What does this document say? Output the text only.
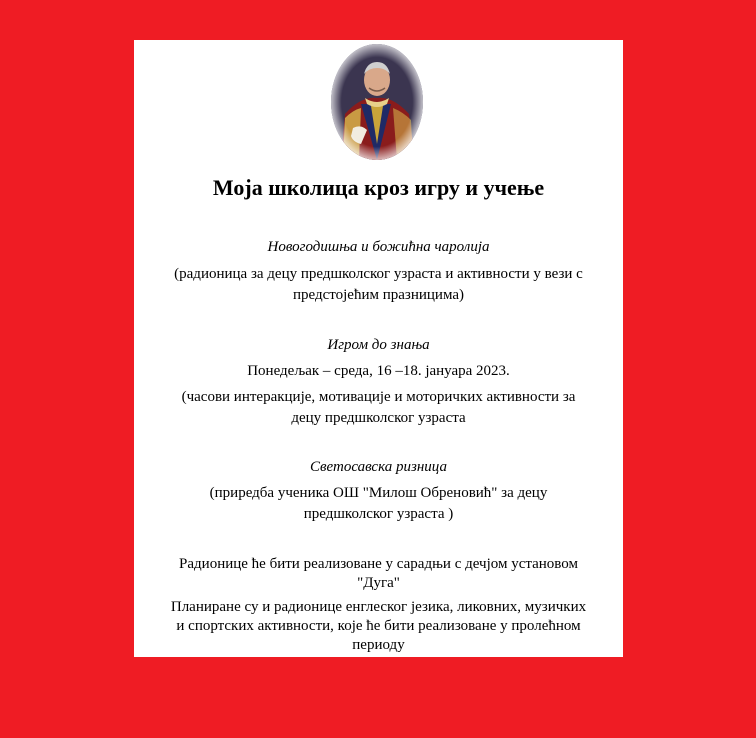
Моја школица кроз игру и учење
Новогодишња и божићна чаролија
(радионица за децу предшколског узраста и активности у вези с
предстојећим празницима)
Игром до знања
Понедељак – среда, 16 –18. јануара 2023.
(часови интеракције, мотивације и моторичких активности за
децу предшколског узраста
Светосавска ризница
(приредба ученика ОШ "Милош Обреновић" за децу
предшколског узраста )
Радионице ће бити реализоване у сарадњи с дечјом установом
"Дуга"
Планиране су и радионице енглеског језика, ликовних, музичких
и спортских активности, које ће бити реализоване у пролећном
периоду
